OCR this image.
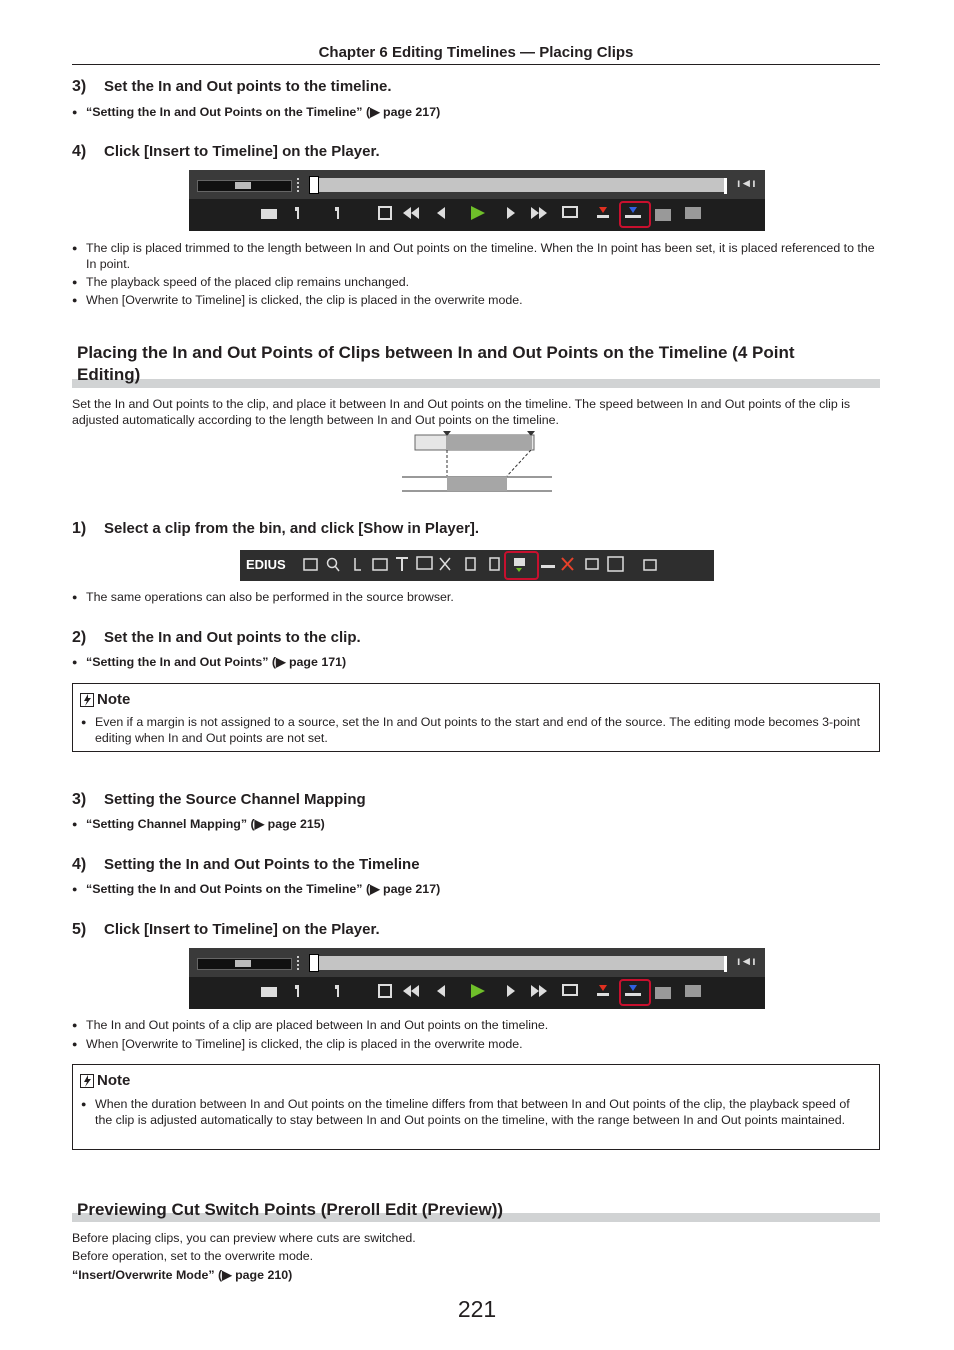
Chapter 6 Editing Timelines — Placing Clips
3)	Set the In and Out points to the timeline.
● “Setting the In and Out Points on the Timeline” (▶ page 217)
4)	Click [Insert to Timeline] on the Player.
ı◄ı
● The clip is placed trimmed to the length between In and Out points on the timeline. When the In point has been set, it is placed referenced to the In point.
● The playback speed of the placed clip remains unchanged.
● When [Overwrite to Timeline] is clicked, the clip is placed in the overwrite mode.
Placing the In and Out Points of Clips between In and Out Points on the Timeline (4 Point Editing)
Set the In and Out points to the clip, and place it between In and Out points on the timeline. The speed between In and Out points of the clip is adjusted automatically according to the length between In and Out points on the timeline.
1)	Select a clip from the bin, and click [Show in Player].
EDIUS
● The same operations can also be performed in the source browser.
2)	Set the In and Out points to the clip.
● “Setting the In and Out Points” (▶ page 171)
Note
● Even if a margin is not assigned to a source, set the In and Out points to the start and end of the source. The editing mode becomes 3-point editing when In and Out points are not set.
3)	Setting the Source Channel Mapping
● “Setting Channel Mapping” (▶ page 215)
4)	Setting the In and Out Points to the Timeline
● “Setting the In and Out Points on the Timeline” (▶ page 217)
5)	Click [Insert to Timeline] on the Player.
ı◄ı
● The In and Out points of a clip are placed between In and Out points on the timeline.
● When [Overwrite to Timeline] is clicked, the clip is placed in the overwrite mode.
Note
● When the duration between In and Out points on the timeline differs from that between In and Out points of the clip, the playback speed of the clip is adjusted automatically to stay between In and Out points on the timeline, with the range between In and Out points maintained.
Previewing Cut Switch Points (Preroll Edit (Preview))
Before placing clips, you can preview where cuts are switched.
Before operation, set to the overwrite mode.
“Insert/Overwrite Mode” (▶ page 210)
221
